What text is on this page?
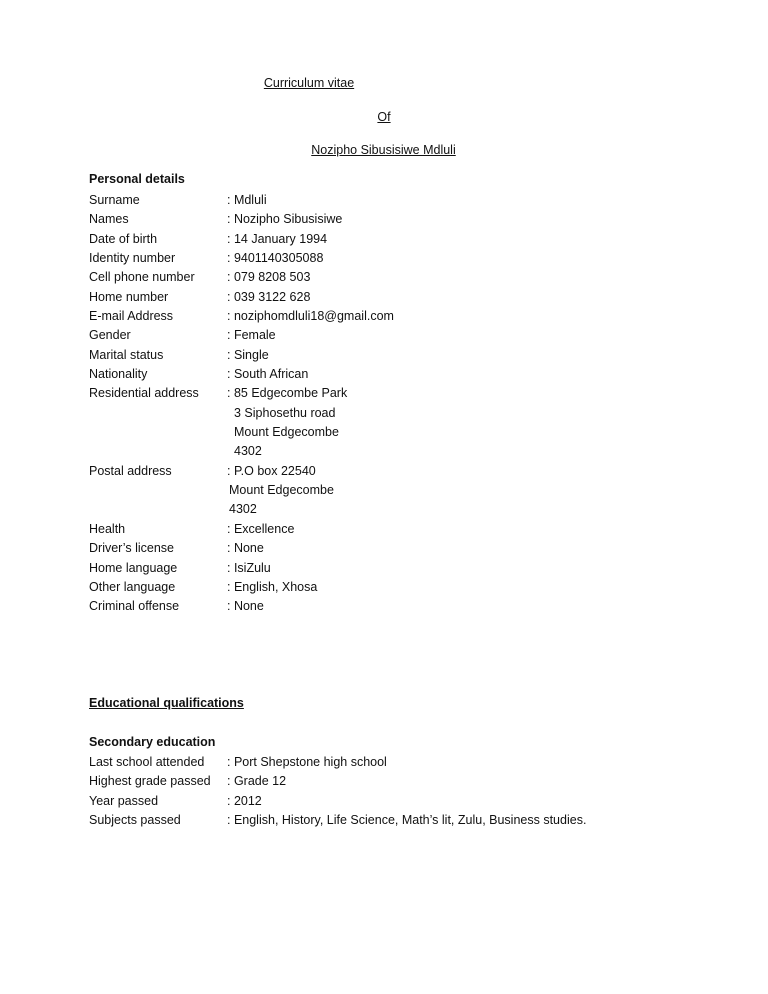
Curriculum vitae
Of
Nozipho Sibusisiwe Mdluli
Personal details
Surname	: Mdluli
Names	: Nozipho Sibusisiwe
Date of birth	: 14 January 1994
Identity number	: 9401140305088
Cell phone number	: 079 8208 503
Home number	: 039 3122 628
E-mail Address	: noziphomdluli18@gmail.com
Gender	: Female
Marital status	: Single
Nationality	: South African
Residential address : 85 Edgecombe Park
3 Siphosethu road
Mount Edgecombe
4302
Postal address	: P.O box 22540
Mount Edgecombe
4302
Health	: Excellence
Driver’s license	: None
Home language	: IsiZulu
Other language	: English, Xhosa
Criminal offense	: None
Educational qualifications
Secondary education
Last school attended : Port Shepstone high school
Highest grade passed : Grade 12
Year passed	: 2012
Subjects passed	: English, History, Life Science, Math’s lit, Zulu, Business studies.
